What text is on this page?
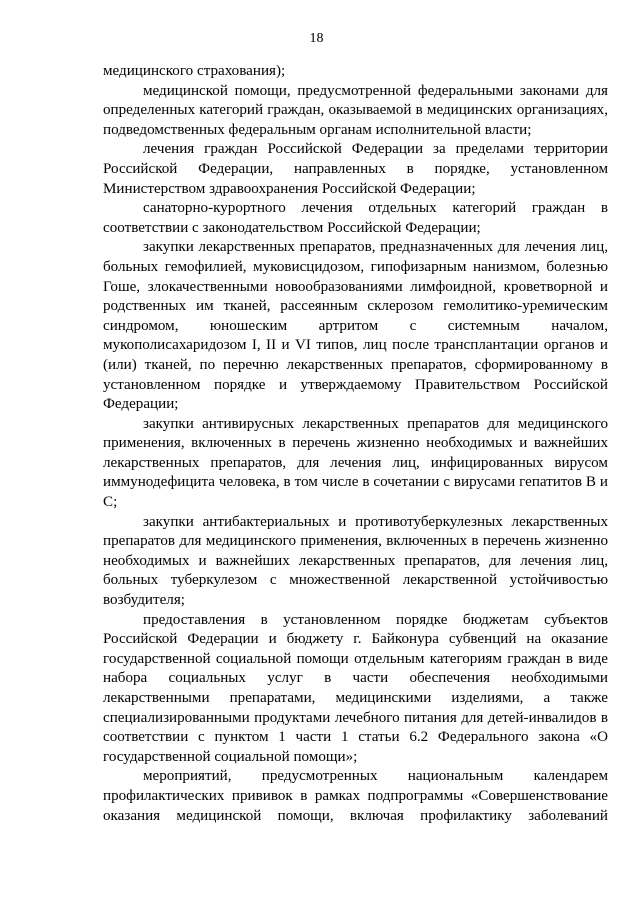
18

медицинского страхования);

медицинской помощи, предусмотренной федеральными законами для определенных категорий граждан, оказываемой в медицинских организациях, подведомственных федеральным органам исполнительной власти;

лечения граждан Российской Федерации за пределами территории Российской Федерации, направленных в порядке, установленном Министерством здравоохранения Российской Федерации;

санаторно-курортного лечения отдельных категорий граждан в соответствии с законодательством Российской Федерации;

закупки лекарственных препаратов, предназначенных для лечения лиц, больных гемофилией, муковисцидозом, гипофизарным нанизмом, болезнью Гоше, злокачественными новообразованиями лимфоидной, кроветворной и родственных им тканей, рассеянным склерозом гемолитико-уремическим синдромом, юношеским артритом с системным началом, мукополисахаридозом I, II и VI типов, лиц после трансплантации органов и (или) тканей, по перечню лекарственных препаратов, сформированному в установленном порядке и утверждаемому Правительством Российской Федерации;

закупки антивирусных лекарственных препаратов для медицинского применения, включенных в перечень жизненно необходимых и важнейших лекарственных препаратов, для лечения лиц, инфицированных вирусом иммунодефицита человека, в том числе в сочетании с вирусами гепатитов В и С;

закупки антибактериальных и противотуберкулезных лекарственных препаратов для медицинского применения, включенных в перечень жизненно необходимых и важнейших лекарственных препаратов, для лечения лиц, больных туберкулезом с множественной лекарственной устойчивостью возбудителя;

предоставления в установленном порядке бюджетам субъектов Российской Федерации и бюджету г. Байконура субвенций на оказание государственной социальной помощи отдельным категориям граждан в виде набора социальных услуг в части обеспечения необходимыми лекарственными препаратами, медицинскими изделиями, а также специализированными продуктами лечебного питания для детей-инвалидов в соответствии с пунктом 1 части 1 статьи 6.2 Федерального закона «О государственной социальной помощи»;

мероприятий, предусмотренных национальным календарем профилактических прививок в рамках подпрограммы «Совершенствование оказания медицинской помощи, включая профилактику заболеваний
